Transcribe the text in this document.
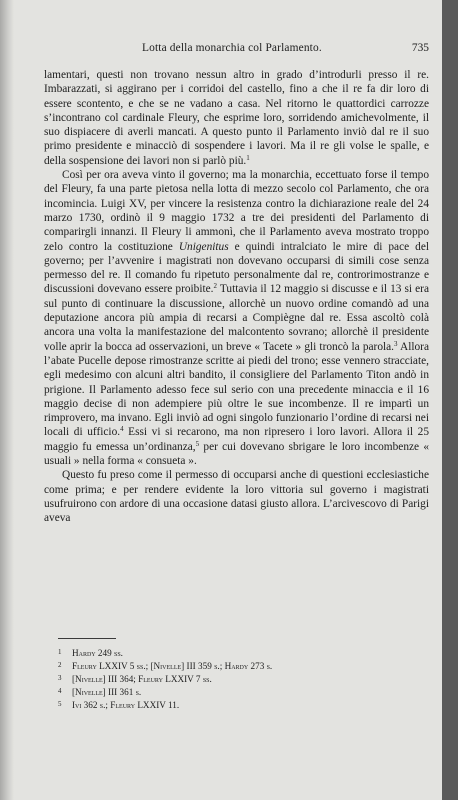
Lotta della monarchia col Parlamento.	735

lamentari, questi non trovano nessun altro in grado d’introdurli presso il re. Imbarazzati, si aggirano per i corridoi del castello, fino a che il re fa dir loro di essere scontento, e che se ne vadano a casa. Nel ritorno le quattordici carrozze s’incontrano col cardinale Fleury, che esprime loro, sorridendo amichevolmente, il suo dispiacere di averli mancati. A questo punto il Parlamento inviò dal re il suo primo presidente e minacciò di sospendere i lavori. Ma il re gli volse le spalle, e della sospensione dei lavori non si parlò più.$^1$

Così per ora aveva vinto il governo; ma la monarchia, eccettuato forse il tempo del Fleury, fa una parte pietosa nella lotta di mezzo secolo col Parlamento, che ora incomincia. Luigi XV, per vincere la resistenza contro la dichiarazione reale del 24 marzo 1730, ordinò il 9 maggio 1732 a tre dei presidenti del Parlamento di comparirgli innanzi. Il Fleury li ammonì, che il Parlamento aveva mostrato troppo zelo contro la costituzione Unigenitus e quindi intralciato le mire di pace del governo; per l’avvenire i magistrati non dovevano occuparsi di simili cose senza permesso del re. Il comando fu ripetuto personalmente dal re, controrimostranze e discussioni dovevano essere proibite.$^2$ Tuttavia il 12 maggio si discusse e il 13 si era sul punto di continuare la discussione, allorchè un nuovo ordine comandò ad una deputazione ancora più ampia di recarsi a Compiègne dal re. Essa ascoltò colà ancora una volta la manifestazione del malcontento sovrano; allorchè il presidente volle aprir la bocca ad osservazioni, un breve « Tacete » gli troncò la parola.$^3$ Allora l’abate Pucelle depose rimostranze scritte ai piedi del trono; esse vennero stracciate, egli medesimo con alcuni altri bandito, il consigliere del Parlamento Titon andò in prigione. Il Parlamento adesso fece sul serio con una precedente minaccia e il 16 maggio decise di non adempiere più oltre le sue incombenze. Il re impartì un rimprovero, ma invano. Egli inviò ad ogni singolo funzionario l’ordine di recarsi nei locali di ufficio.$^4$ Essi vi si recarono, ma non ripresero i loro lavori. Allora il 25 maggio fu emessa un’ordinanza,$^5$ per cui dovevano sbrigare le loro incombenze « usuali » nella forma « consueta ».

Questo fu preso come il permesso di occuparsi anche di questioni ecclesiastiche come prima; e per rendere evidente la loro vittoria sul governo i magistrati usufruirono con ardore di una occasione datasi giusto allora. L’arcivescovo di Parigi aveva

1 Hardy 249 ss.
2 Fleury LXXIV 5 ss.; [Nivelle] III 359 s.; Hardy 273 s.
3 [Nivelle] III 364; Fleury LXXIV 7 ss.
4 [Nivelle] III 361 s.
5 Ivi 362 s.; Fleury LXXIV 11.
